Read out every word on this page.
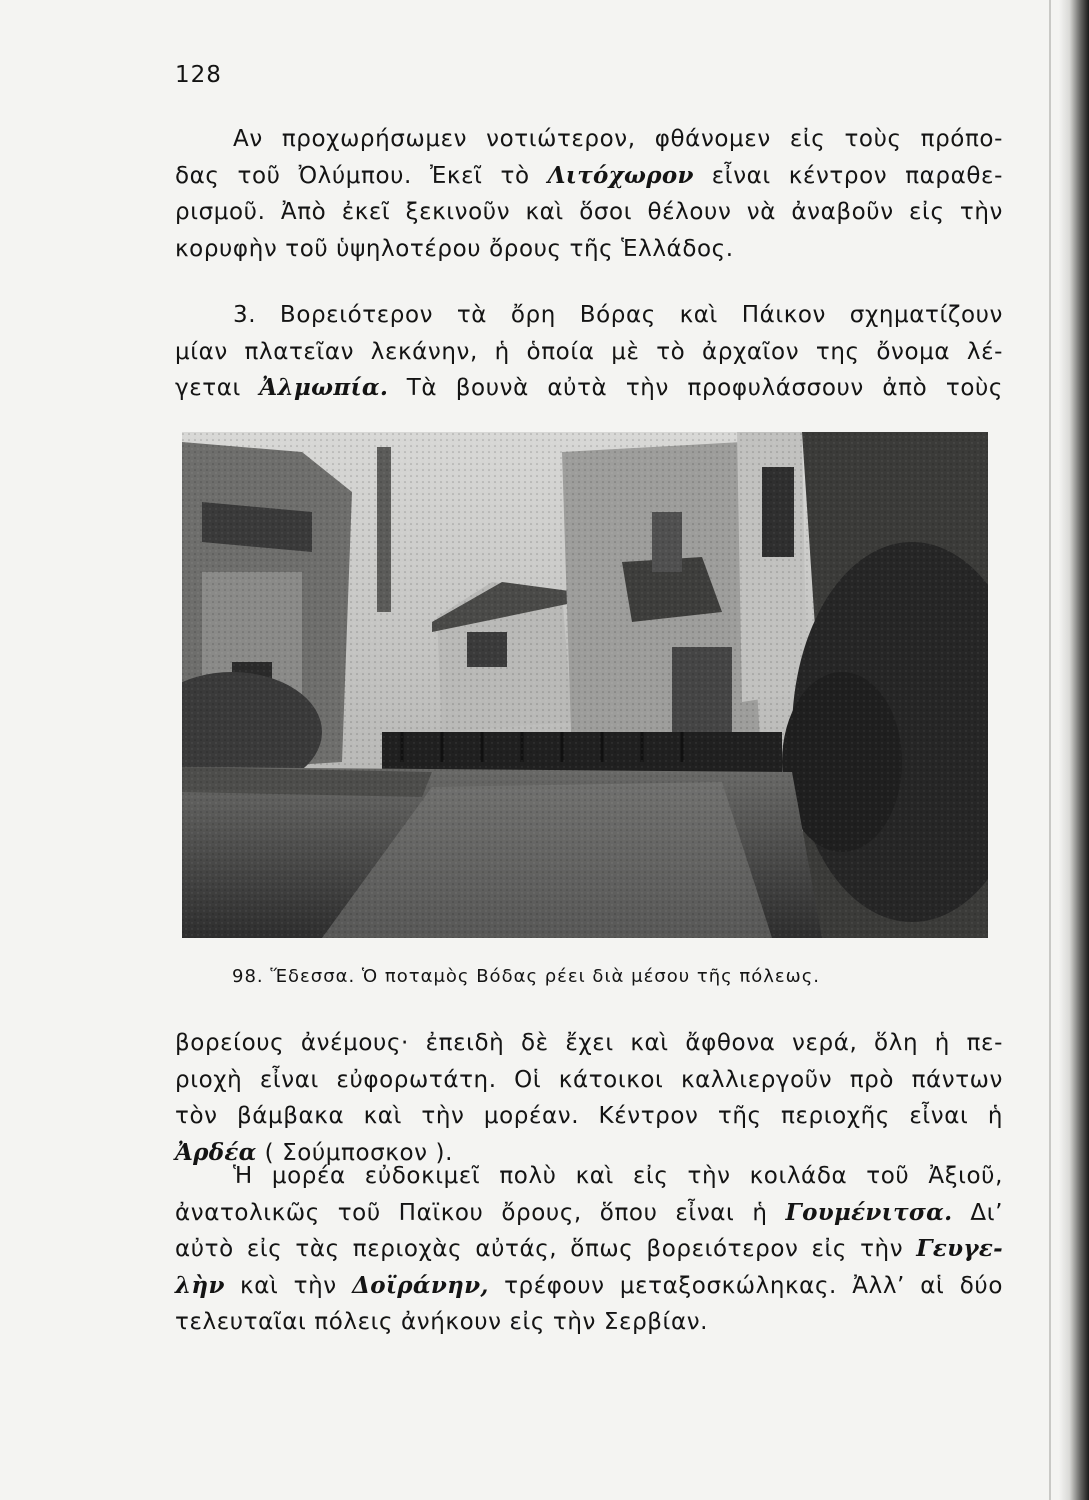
128

Αν προχωρήσωμεν νοτιώτερον, φθάνομεν εἰς τοὺς πρόπο-
δας τοῦ Ὀλύμπου. Ἐκεῖ τὸ Λιτόχωρον εἶναι κέντρον παραθε-
ρισμοῦ. Ἀπὸ ἐκεῖ ξεκινοῦν καὶ ὅσοι θέλουν νὰ ἀναβοῦν εἰς τὴν
κορυφὴν τοῦ ὑψηλοτέρου ὄρους τῆς Ἑλλάδος.

3. Βορειότερον τὰ ὄρη Βόρας καὶ Πάικον σχηματίζουν
μίαν πλατεῖαν λεκάνην, ἡ ὁποία μὲ τὸ ἀρχαῖον της ὄνομα λέ-
γεται Ἀλμωπία. Τὰ βουνὰ αὐτὰ τὴν προφυλάσσουν ἀπὸ τοὺς

98. Ἕδεσσα. Ὁ ποταμὸς Βόδας ρέει διὰ μέσου τῆς πόλεως.

βορείους ἀνέμους· ἐπειδὴ δὲ ἔχει καὶ ἄφθονα νερά, ὅλη ἡ πε-
ριοχὴ εἶναι εὐφορωτάτη. Οἱ κάτοικοι καλλιεργοῦν πρὸ πάντων
τὸν βάμβακα καὶ τὴν μορέαν. Κέντρον τῆς περιοχῆς εἶναι ἡ
Ἀρδέα ( Σούμποσκον ).

Ἡ μορέα εὐδοκιμεῖ πολὺ καὶ εἰς τὴν κοιλάδα τοῦ Ἀξιοῦ,
ἀνατολικῶς τοῦ Παϊκου ὄρους, ὅπου εἶναι ἡ Γουμένιτσα. Δι’
αὐτὸ εἰς τὰς περιοχὰς αὐτάς, ὅπως βορειότερον εἰς τὴν Γευγε-
λὴν καὶ τὴν Δοϊράνην, τρέφουν μεταξοσκώληκας. Ἀλλ’ αἱ δύο
τελευταῖαι πόλεις ἀνήκουν εἰς τὴν Σερβίαν.
